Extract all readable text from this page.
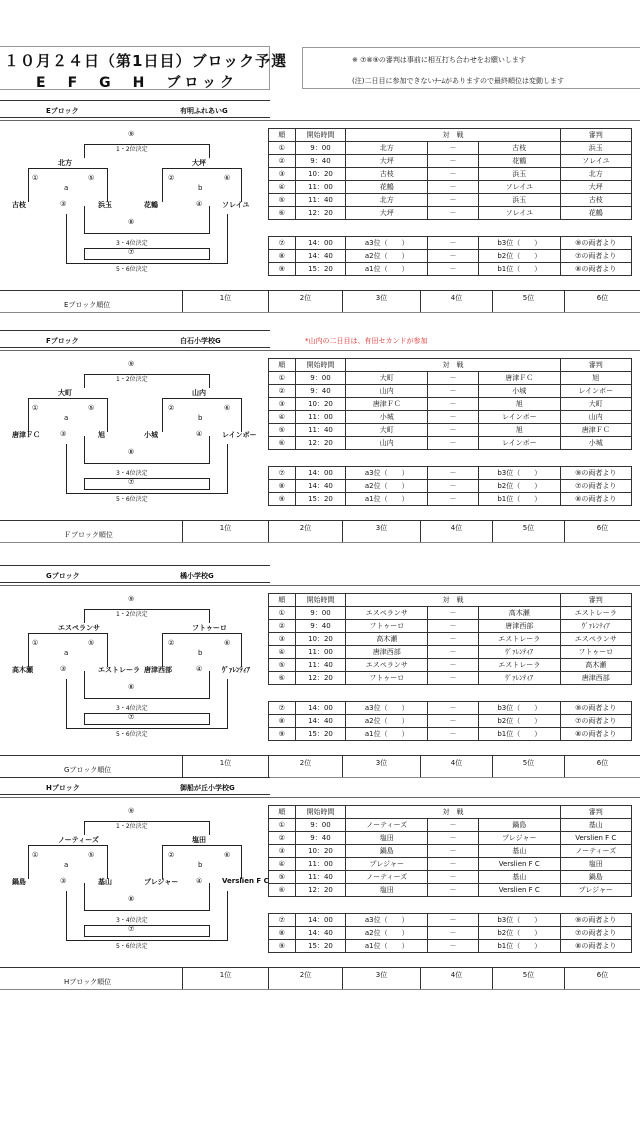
１０月２４日（第1日目）ブロック予選
E　F　G　H　ブロック
※ ⑦⑧⑨の審判は事前に相互打ち合わせをお願いします
(注)二日目に参加できないﾁｰﾑがありますので最終順位は変動します
Eブロック	有明ふれあいG
⑨
1・2位決定
北方	大坪
①	⑤	②	⑥
a	b
古枝	③	浜玉	花鶴	④	ソレイユ
⑧
3・4位決定
⑦
5・6位決定
順	開始時間	対　戦			審判
①	9：00	北方	－	古枝	浜玉
②	9：40	大坪	－	花鶴	ソレイユ
③	10：20	古枝	－	浜玉	北方
④	11：00	花鶴	－	ソレイユ	大坪
⑤	11：40	北方	－	浜玉	古枝
⑥	12：20	大坪	－	ソレイユ	花鶴
⑦	14：00	a3位（　　）	－	b3位（　　）	⑨の両者より
⑧	14：40	a2位（　　）	－	b2位（　　）	⑦の両者より
⑨	15：20	a1位（　　）	－	b1位（　　）	⑧の両者より
Eブロック順位
1位	2位	3位	4位	5位	6位
Fブロック	白石小学校G	*山内の二日目は、有田セカンドが参加
⑨
1・2位決定
大町	山内
①	⑤	②	⑥
a	b
唐津ＦＣ	③	旭	小城	④	レインボー
⑧
3・4位決定
⑦
5・6位決定
順	開始時間	対　戦			審判
①	9：00	大町	－	唐津ＦＣ	旭
②	9：40	山内	－	小城	レインボー
③	10：20	唐津ＦＣ	－	旭	大町
④	11：00	小城	－	レインボー	山内
⑤	11：40	大町	－	旭	唐津ＦＣ
⑥	12：20	山内	－	レインボー	小城
⑦	14：00	a3位（　　）	－	b3位（　　）	⑨の両者より
⑧	14：40	a2位（　　）	－	b2位（　　）	⑦の両者より
⑨	15：20	a1位（　　）	－	b1位（　　）	⑧の両者より
Ｆブロック順位
1位	2位	3位	4位	5位	6位
Gブロック	橘小学校G
⑨
1・2位決定
エスペランサ	フトゥーロ
①	⑤	②	⑥
a	b
高木瀬	③	エストレーラ 唐津西部	④	ｳﾞｧﾚﾝﾃｨｱ
⑧
3・4位決定
⑦
5・6位決定
順	開始時間	対　戦			審判
①	9：00	エスペランサ	－	高木瀬	エストレーラ
②	9：40	フトゥーロ	－	唐津西部	ｳﾞｧﾚﾝﾃｨｱ
③	10：20	高木瀬	－	エストレーラ	エスペランサ
④	11：00	唐津西部	－	ｳﾞｧﾚﾝﾃｨｱ	フトゥーロ
⑤	11：40	エスペランサ	－	エストレーラ	高木瀬
⑥	12：20	フトゥーロ	－	ｳﾞｧﾚﾝﾃｨｱ	唐津西部
⑦	14：00	a3位（　　）	－	b3位（　　）	⑨の両者より
⑧	14：40	a2位（　　）	－	b2位（　　）	⑦の両者より
⑨	15：20	a1位（　　）	－	b1位（　　）	⑧の両者より
Gブロック順位
1位	2位	3位	4位	5位	6位
Hブロック	御船が丘小学校G
⑨
1・2位決定
ノーティーズ	塩田
①	⑤	②	⑥
a	b
鍋島	③	基山	プレジャー	④	Verslien F C
⑧
3・4位決定
⑦
5・6位決定
順	開始時間	対　戦			審判
①	9：00	ノーティーズ	－	鍋島	基山
②	9：40	塩田	－	プレジャー	Verslien F C
③	10：20	鍋島	－	基山	ノーティーズ
④	11：00	プレジャー	－	Verslien F C	塩田
⑤	11：40	ノーティーズ	－	基山	鍋島
⑥	12：20	塩田	－	Verslien F C	プレジャー
⑦	14：00	a3位（　　）	－	b3位（　　）	⑨の両者より
⑧	14：40	a2位（　　）	－	b2位（　　）	⑦の両者より
⑨	15：20	a1位（　　）	－	b1位（　　）	⑧の両者より
Hブロック順位
1位	2位	3位	4位	5位	6位
